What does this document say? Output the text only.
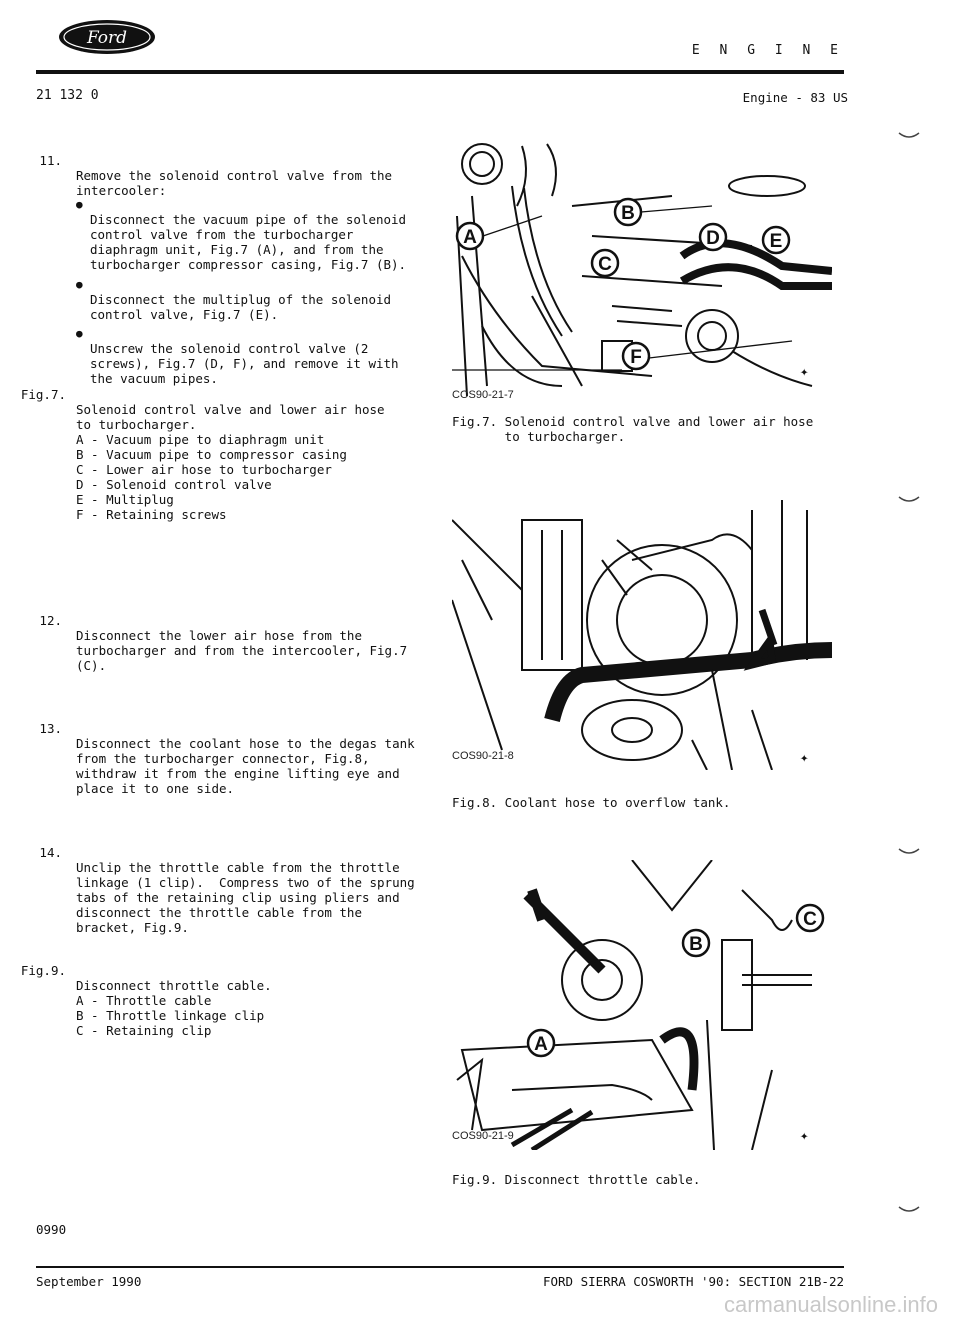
Ford
E N G I N E
21 132 0	Engine - 83 US

11.

Remove the solenoid control valve from the
intercooler:

●

Disconnect the vacuum pipe of the solenoid
control valve from the turbocharger
diaphragm unit, Fig.7 (A), and from the
turbocharger compressor casing, Fig.7 (B).

●

Disconnect the multiplug of the solenoid
control valve, Fig.7 (E).

●

Unscrew the solenoid control valve (2
screws), Fig.7 (D, F), and remove it with
the vacuum pipes.

Fig.7.

Solenoid control valve and lower air hose
to turbocharger.
A - Vacuum pipe to diaphragm unit
B - Vacuum pipe to compressor casing
C - Lower air hose to turbocharger
D - Solenoid control valve
E - Multiplug
F - Retaining screws

12.

Disconnect the lower air hose from the
turbocharger and from the intercooler, Fig.7
(C).

13.

Disconnect the coolant hose to the degas tank
from the turbocharger connector, Fig.8,
withdraw it from the engine lifting eye and
place it to one side.

14.

Unclip the throttle cable from the throttle
linkage (1 clip).  Compress two of the sprung
tabs of the retaining clip using pliers and
disconnect the throttle cable from the
bracket, Fig.9.

Fig.9.

Disconnect throttle cable.
A - Throttle cable
B - Throttle linkage clip
C - Retaining clip

0990
A
B
C
D	E
F
✦
COS90-21-7
Fig.7. Solenoid control valve and lower air hose
to turbocharger.
✦
COS90-21-8
Fig.8. Coolant hose to overflow tank.
A
B
C
✦
COS90-21-9
Fig.9. Disconnect throttle cable.
September 1990	FORD SIERRA COSWORTH '90: SECTION 21B-22
carmanualsonline.info
